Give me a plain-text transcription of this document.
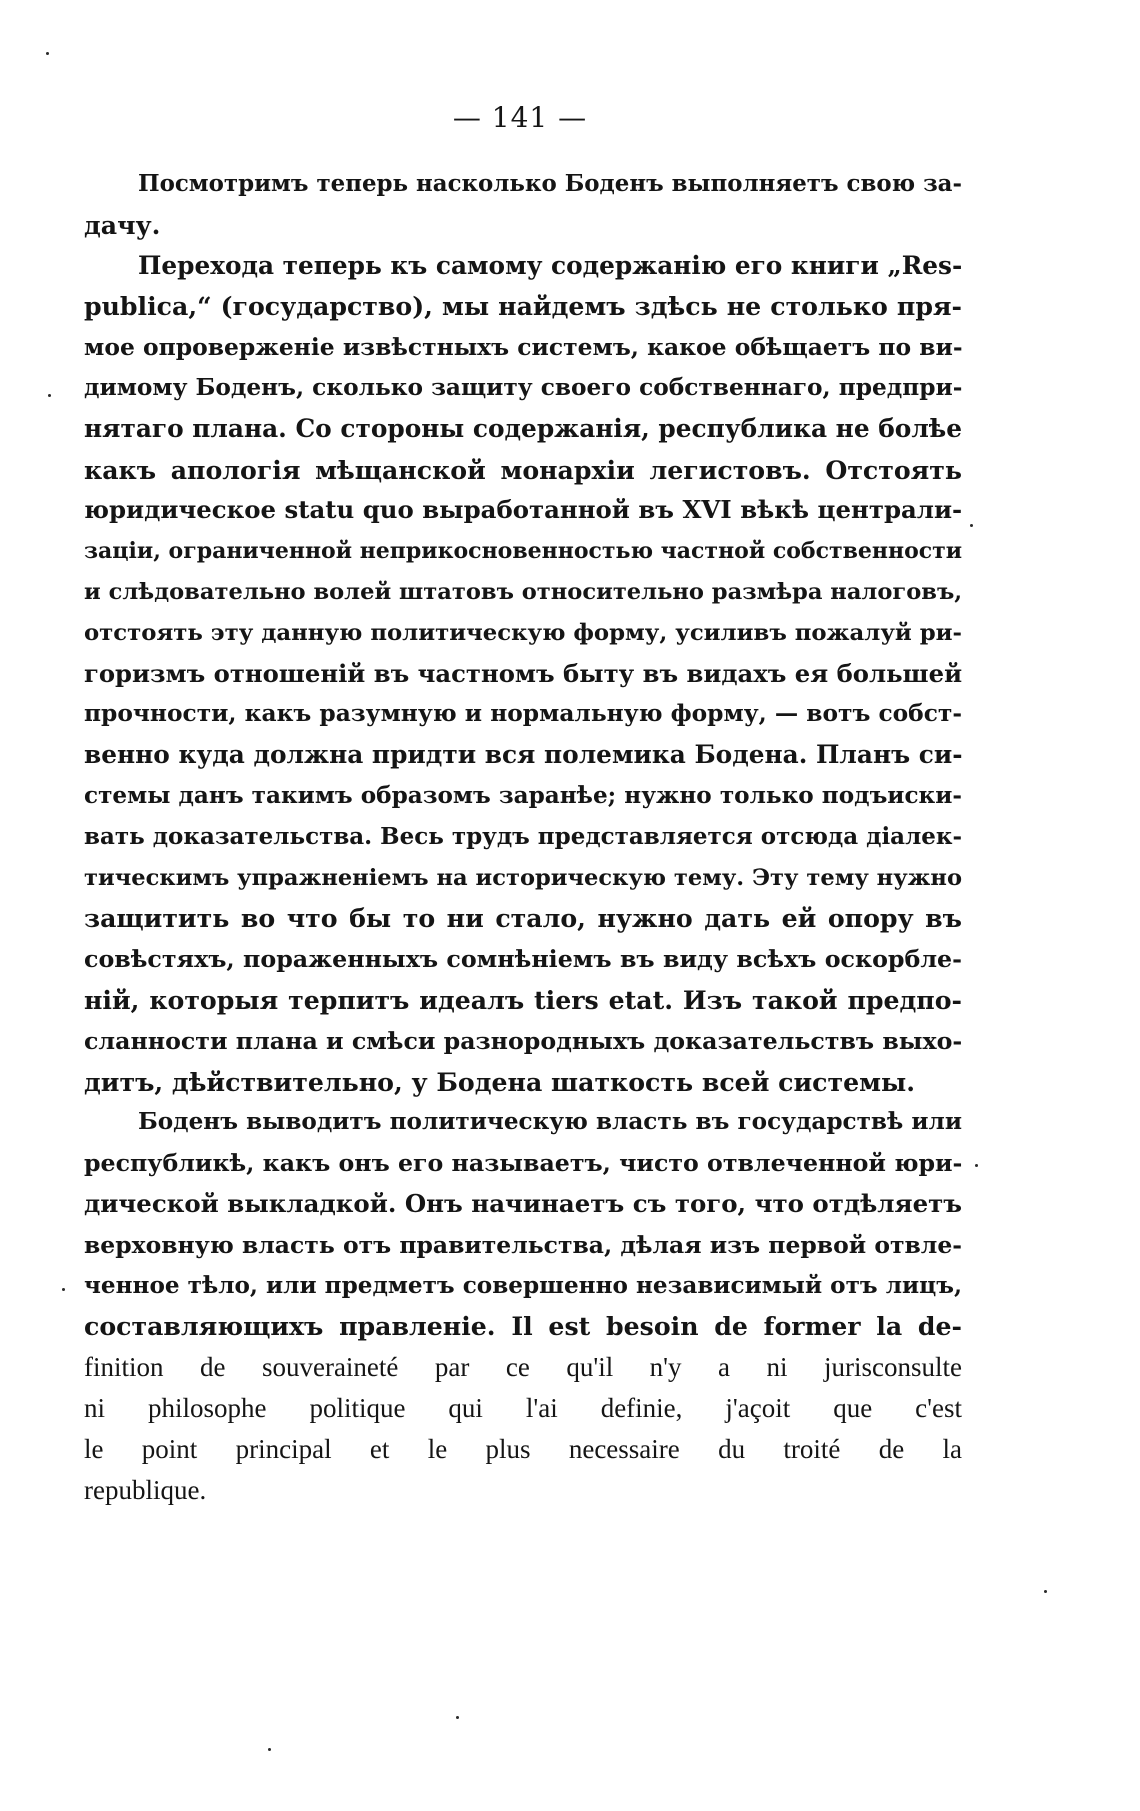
— 141 —

Посмотримъ теперь насколько Боденъ выполняетъ свою за-
дачу.

Перехода теперь къ самому содержанію его книги „Res-
publica,“ (государство), мы найдемъ здѣсь не столько пря-
мое опроверженіе извѣстныхъ системъ, какое обѣщаетъ по ви-
димому Боденъ, сколько защиту своего собственнаго, предпри-
нятаго плана. Со стороны содержанія, республика не болѣе
какъ апологія мѣщанской монархіи легистовъ. Отстоять
юридическое statu quo выработанной въ XVI вѣкѣ централи-
заціи, ограниченной неприкосновенностью частной собственности
и слѣдовательно волей штатовъ относительно размѣра налоговъ,
отстоять эту данную политическую форму, усиливъ пожалуй ри-
горизмъ отношеній въ частномъ быту въ видахъ ея большей
прочности, какъ разумную и нормальную форму, — вотъ собст-
венно куда должна придти вся полемика Бодена. Планъ си-
стемы данъ такимъ образомъ заранѣе; нужно только подъиски-
вать доказательства. Весь трудъ представляется отсюда діалек-
тическимъ упражненіемъ на историческую тему. Эту тему нужно
защитить во что бы то ни стало, нужно дать ей опору въ
совѣстяхъ, пораженныхъ сомнѣніемъ въ виду всѣхъ оскорбле-
ній, которыя терпитъ идеалъ tiers etat. Изъ такой предпо-
сланности плана и смѣси разнородныхъ доказательствъ выхо-
дитъ, дѣйствительно, у Бодена шаткость всей системы.

Боденъ выводитъ политическую власть въ государствѣ или
республикѣ, какъ онъ его называетъ, чисто отвлеченной юри-
дической выкладкой. Онъ начинаетъ съ того, что отдѣляетъ
верховную власть отъ правительства, дѣлая изъ первой отвле-
ченное тѣло, или предметъ совершенно независимый отъ лицъ,
составляющихъ правленіе. Il est besoin de former la de-
finition de souveraineté par ce qu'il n'y a ni jurisconsulte
ni philosophe politique qui l'ai definie, j'açoit que c'est
le point principal et le plus necessaire du troité de la
republique.
